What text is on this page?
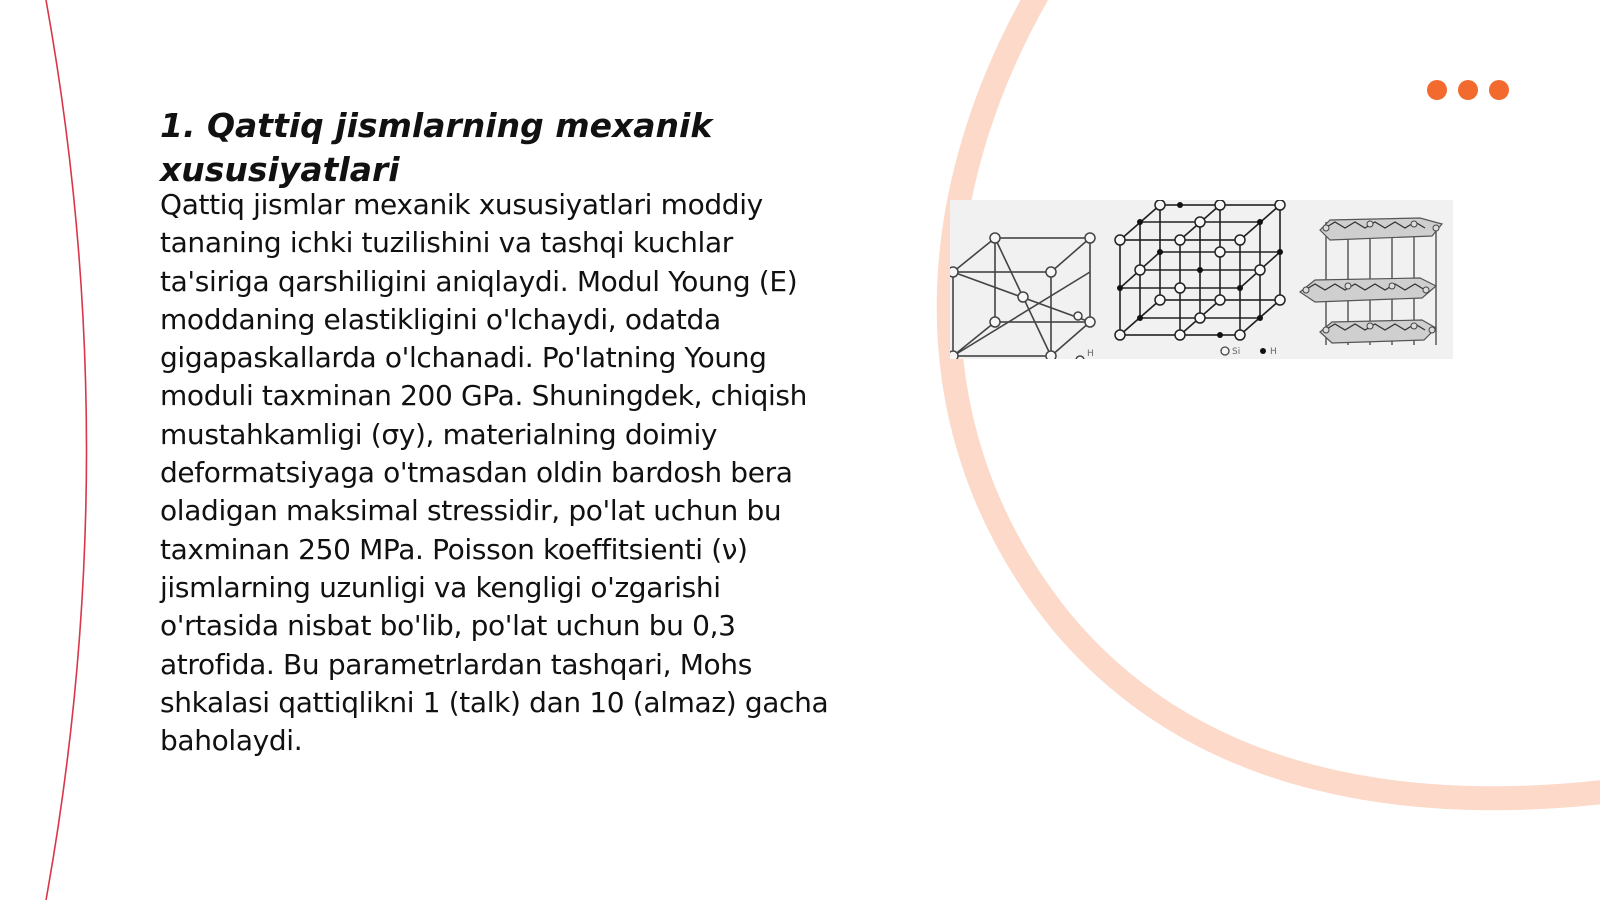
1. Qattiq jismlarning mexanik xususiyatlari

Qattiq jismlar mexanik xususiyatlari moddiy tananing ichki tuzilishini va tashqi kuchlar ta'siriga qarshiligini aniqlaydi. Modul Young (E) moddaning elastikligini o'lchaydi, odatda gigapaskallarda o'lchanadi. Po'latning Young moduli taxminan 200 GPa. Shuningdek, chiqish mustahkamligi (σy), materialning doimiy deformatsiyaga o'tmasdan oldin bardosh bera oladigan maksimal stressidir, po'lat uchun bu taxminan 250 MPa. Poisson koeffitsienti (ν) jismlarning uzunligi va kengligi o'zgarishi o'rtasida nisbat bo'lib, po'lat uchun bu 0,3 atrofida. Bu parametrlardan tashqari, Mohs shkalasi qattiqlikni 1 (talk) dan 10 (almaz) gacha baholaydi.

H	Si	H
